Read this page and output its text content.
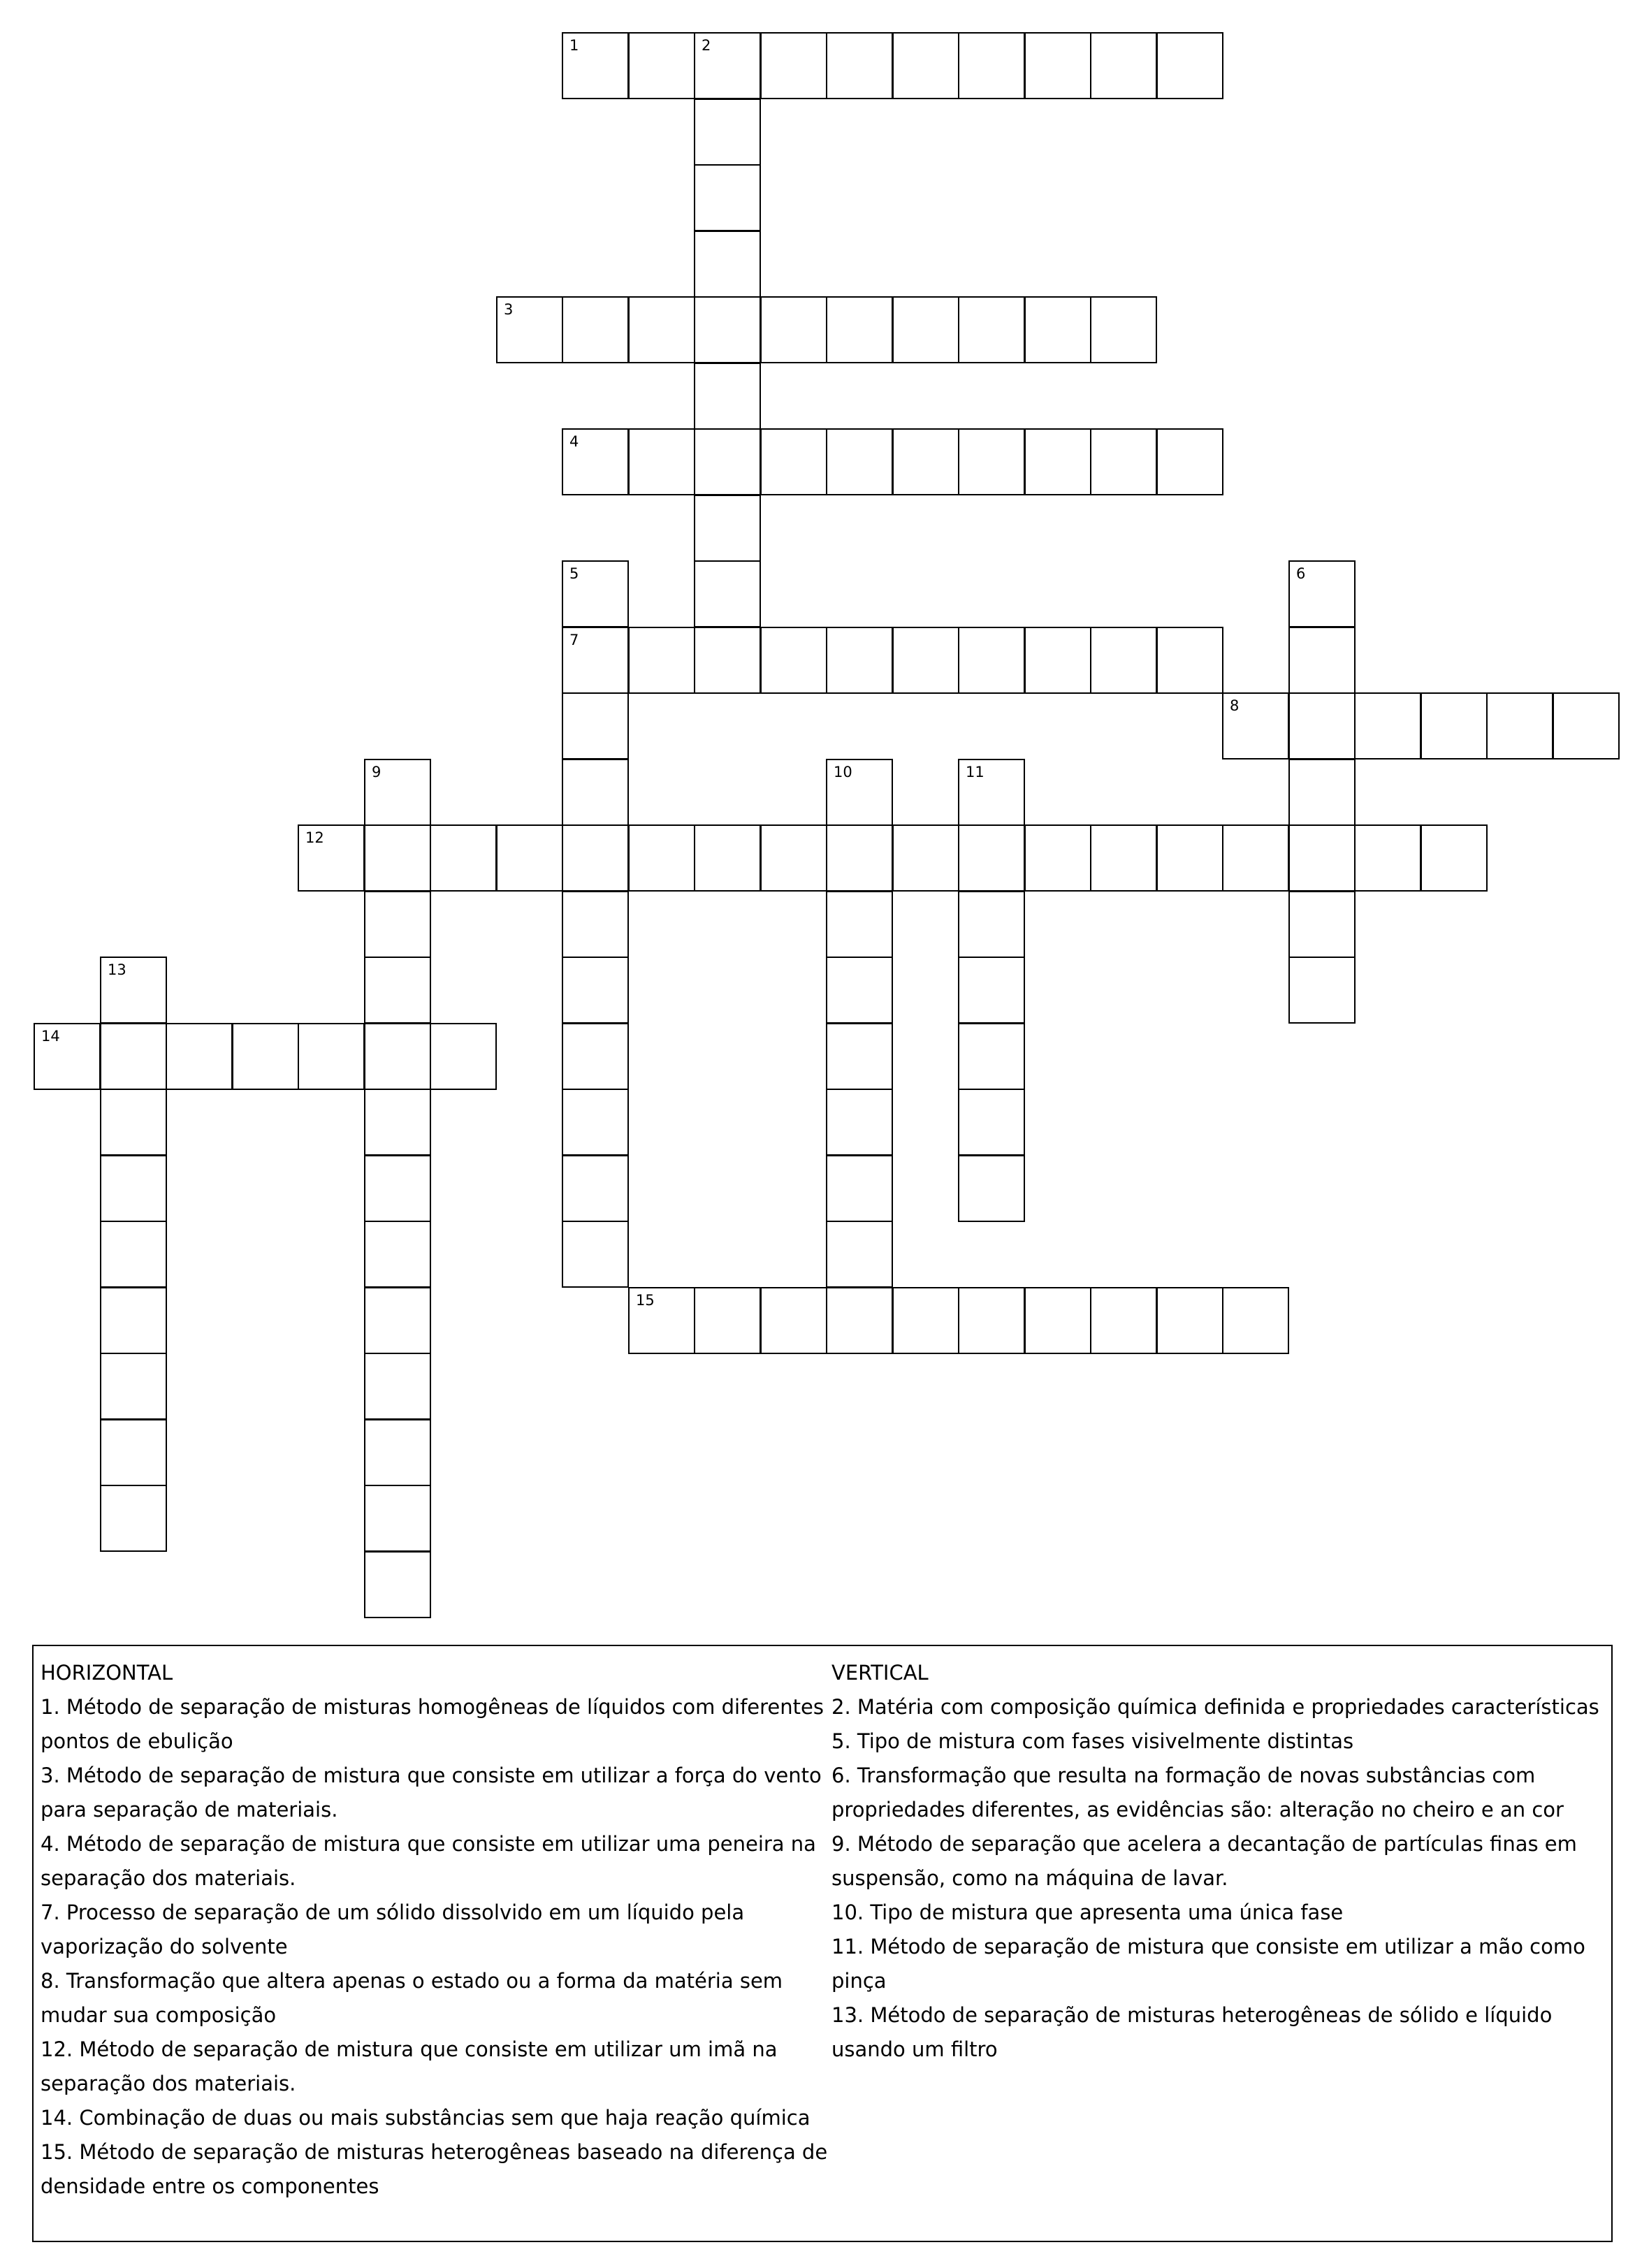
1	2
3
4
5
7
6
8
9	10	11
12
13
14
15

HORIZONTAL

1. Método de separação de misturas homogêneas de líquidos com diferentes pontos de ebulição

3. Método de separação de mistura que consiste em utilizar a força do vento para separação de materiais.

4. Método de separação de mistura que consiste em utilizar uma peneira na separação dos materiais.

7. Processo de separação de um sólido dissolvido em um líquido pela vaporização do solvente

8. Transformação que altera apenas o estado ou a forma da matéria sem mudar sua composição

12. Método de separação de mistura que consiste em utilizar um imã na separação dos materiais.

14. Combinação de duas ou mais substâncias sem que haja reação química

15. Método de separação de misturas heterogêneas baseado na diferença de densidade entre os componentes

VERTICAL

2. Matéria com composição química definida e propriedades características

5. Tipo de mistura com fases visivelmente distintas

6. Transformação que resulta na formação de novas substâncias com propriedades diferentes, as evidências são: alteração no cheiro e an cor

9. Método de separação que acelera a decantação de partículas finas em suspensão, como na máquina de lavar.

10. Tipo de mistura que apresenta uma única fase

11. Método de separação de mistura que consiste em utilizar a mão como pinça

13. Método de separação de misturas heterogêneas de sólido e líquido usando um filtro
